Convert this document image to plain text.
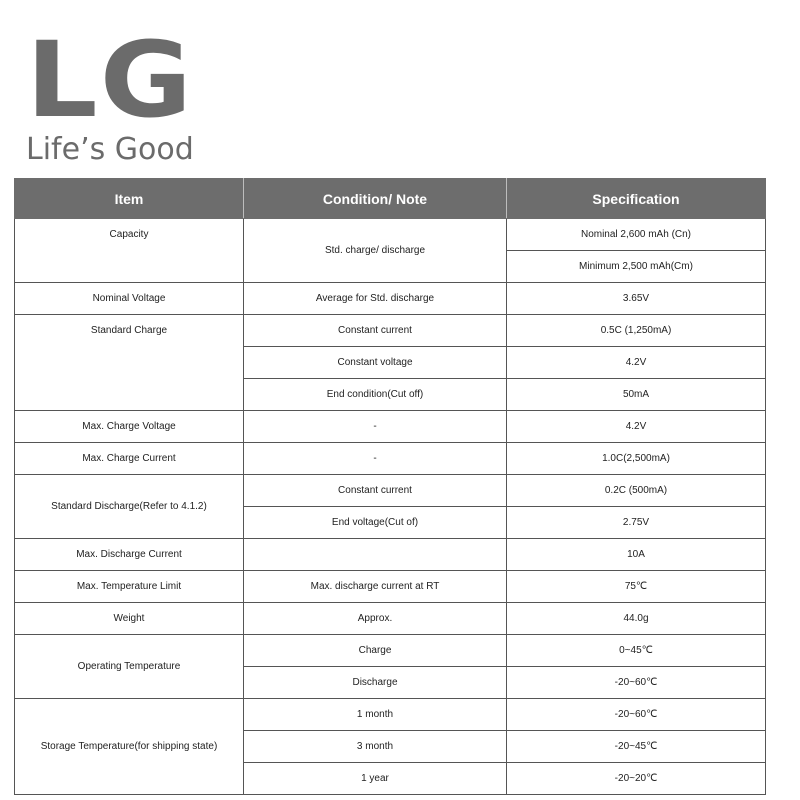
LG
Life’s Good
Item	Condition/ Note	Specification
Capacity	Std. charge/ discharge	Nominal 2,600 mAh (Cn)
		Minimum 2,500 mAh(Cm)
Nominal Voltage	Average for Std. discharge	3.65V
Standard Charge	Constant current	0.5C (1,250mA)
	Constant voltage	4.2V
	End condition(Cut off)	50mA
Max. Charge Voltage	-	4.2V
Max. Charge Current	-	1.0C(2,500mA)
Standard Discharge(Refer to 4.1.2)	Constant current	0.2C (500mA)
	End voltage(Cut of)	2.75V
Max. Discharge Current		10A
Max. Temperature Limit	Max. discharge current at RT	75℃
Weight	Approx.	44.0g
Operating Temperature	Charge	0~45℃
	Discharge	-20~60℃
Storage Temperature(for shipping state)	1 month	-20~60℃
	3 month	-20~45℃
	1 year	-20~20℃
